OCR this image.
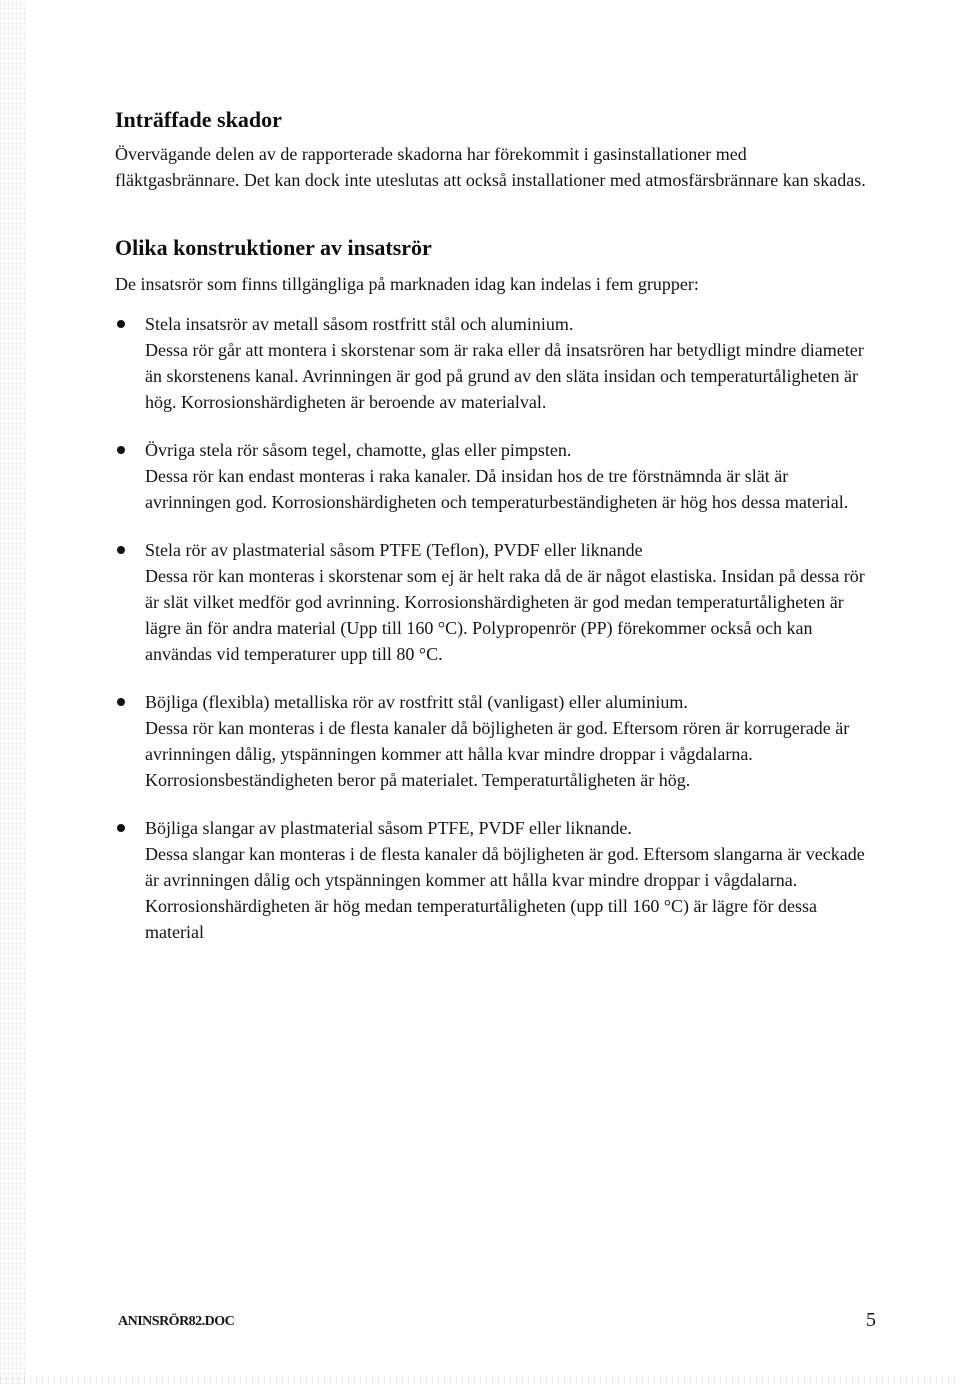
Inträffade skador

Övervägande delen av de rapporterade skadorna har förekommit i gasinstallationer med fläktgasbrännare. Det kan dock inte uteslutas att också installationer med atmosfärsbrännare kan skadas.

Olika konstruktioner av insatsrör

De insatsrör som finns tillgängliga på marknaden idag kan indelas i fem grupper:

Stela insatsrör av metall såsom rostfritt stål och aluminium.

Dessa rör går att montera i skorstenar som är raka eller då insatsrören har betydligt mindre diameter än skorstenens kanal. Avrinningen är god på grund av den släta insidan och temperaturtåligheten är hög. Korrosionshärdigheten är beroende av materialval.

Övriga stela rör såsom tegel, chamotte, glas eller pimpsten.

Dessa rör kan endast monteras i raka kanaler. Då insidan hos de tre förstnämnda är slät är avrinningen god. Korrosionshärdigheten och temperaturbeständigheten är hög hos dessa material.

Stela rör av plastmaterial såsom PTFE (Teflon), PVDF eller liknande

Dessa rör kan monteras i skorstenar som ej är helt raka då de är något elastiska. Insidan på dessa rör är slät vilket medför god avrinning. Korrosionshärdigheten är god medan temperaturtåligheten är lägre än för andra material (Upp till 160 °C). Polypropenrör (PP) förekommer också och kan användas vid temperaturer upp till 80 °C.

Böjliga (flexibla) metalliska rör av rostfritt stål (vanligast) eller aluminium.

Dessa rör kan monteras i de flesta kanaler då böjligheten är god. Eftersom rören är korrugerade är avrinningen dålig, ytspänningen kommer att hålla kvar mindre droppar i vågdalarna. Korrosionsbeständigheten beror på materialet. Temperaturtåligheten är hög.

Böjliga slangar av plastmaterial såsom PTFE, PVDF eller liknande.

Dessa slangar kan monteras i de flesta kanaler då böjligheten är god. Eftersom slangarna är veckade är avrinningen dålig och ytspänningen kommer att hålla kvar mindre droppar i vågdalarna. Korrosionshärdigheten är hög medan temperaturtåligheten (upp till 160 °C) är lägre för dessa material

ANINSRÖR82.DOC	5
